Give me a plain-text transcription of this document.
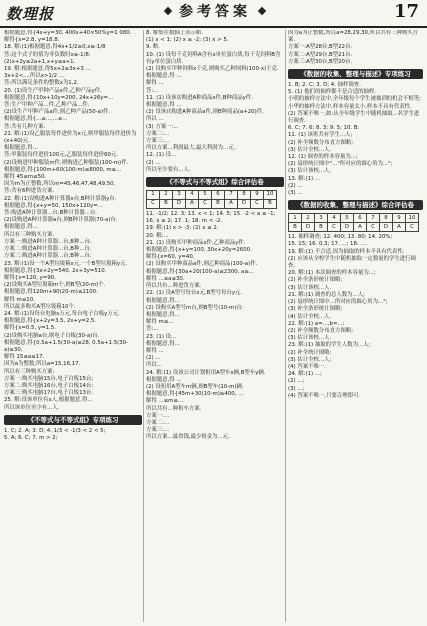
数理报	参考答案	17

根据题意,得{4x+y=30, 400x+40×50%y=1 080.

解得{x=2.8, y=18.8.

18. 解:(1)根据题意,得4x+1/2≥0,x≥-1/8

答:这个式子的值为非负数时x≥-1/8.

(2)x+2y≥2a+1,x+y≤a+1.

19. 解:根据题意,得5x+2≥3x+3 ...

3x+2<...,所以x>1/2 ...

答:所以满足条件的整数x为1,2.

20. (1)设生产甲种产品x件,乙种产品y件.

根据题意,得{10x+10y=200, 24x+26y=...

答:生产甲种产品...件,乙种产品...件.

(2)设生产甲种产品a件,则乙种产品(50-a)件.

根据题意,得{...≤...,...≤...

答:共有几种方案.

21. 解:(1)设乙服装每件进价为x元,则甲服装每件进价为(x+40)元.

根据题意,得...

答:甲服装每件进价100元,乙服装每件进价60元.

(2)设购进甲种服装m件,则购进乙种服装(100-m)件.

根据题意,得{100m+60(100-m)≤8000, m≥...

解得 45≤m≤50.

因为m为正整数,所以m=45,46,47,48,49,50.

答:共有6种进货方案.

22. 解:(1)设购进A种计算器x台,B种计算器y台.

根据题意,得{x+y=50, 150x+120y=...

答:购进A种计算器...台,B种计算器...台.

(2)设购进A种计算器a台,则B种计算器(70-a)台.

根据题意,得...

所以有三种购买方案.

方案一:购进A种计算器...台,B种...台.

方案二:购进A种计算器...台,B种...台.

方案三:购进A种计算器...台,B种...台.

23. 解:(1)设一个A型垃圾箱x元,一个B型垃圾箱y元.

根据题意,得{3x+2y=540, 2x+3y=510.

解得{x=120, y=90.

(2)设购买A型垃圾箱m个,则B型(20-m)个.

根据题意,得120m+90(20-m)≤2100.

解得 m≤10.

所以最多购买A型垃圾箱10个.

24. 解:(1)设每台电脑x万元,每台电子白板y万元.

根据题意,得{x+2y=3.5, 2x+y=2.5.

解得{x=0.5, y=1.5.

(2)设购买电脑a台,则电子白板(30-a)台.

根据题意,得{0.5a+1.5(30-a)≤28, 0.5a+1.5(30-a)≥30.

解得 15≤a≤17.

因为a为整数,所以a=15,16,17.

所以有三种购买方案:

方案一:购买电脑15台,电子白板15台;

方案二:购买电脑16台,电子白板14台;

方案三:购买电脑17台,电子白板13台.

25. 解:设该单位有x人,根据题意,得...

所以该单位至少有...人.

《不等式与不等式组》专项练习

1. C; 2. A; 3. D; 4. 1/3 < -1/3 < 2 < 5;

5. A; 6. C; 7. m > 2;

8. 解集在数轴上表示略.

(1) x < 1; (2) x ≥ -2; (3) x > 5.

9. 略.

10. (1) 设每千克饲料A含有x单位蛋白质,每千克饲料B含有y单位蛋白质.

(2) 设购买甲种饲料x千克,则购买乙种饲料(100-x)千克.

根据题意,得 ...

解得 ...

答:...

11. (1) 设该店购进A种商品x件,B种商品y件.

根据题意,得 ...

(2) 设该店购进A种商品a件,则B种商品(a+20)件.

所以 ...

(3) 方案一:...

方案二:...

方案三:...

所以方案...利润最大,最大利润为...元.

12. (1) 设...

(2) ...

所以至少要有...人.

《不等式与不等式组》综合评估卷
1	2	3	4	5	6	7	8	9	10
C	B	D	A	C	B	A	D	C	B

11. -1/2; 12. 3; 13. x < 1; 14. 5; 15. -2 < a ≤ -1;

16. x ≥ 2; 17. 1; 18. m < -2.

19. 解:(1) x > -3; (2) x ≤ 2.

20. 解:...

21. (1) 设购买甲种商品x件,乙种商品y件.

根据题意,得{x+y=100, 30x+20y=2600.

解得{x=60, y=40.

(2) 设购买甲种商品a件,则乙种商品(100-a)件.

根据题意,得{30a+20(100-a)≤2300, a≥...

解得 ...≤a≤30.

所以共有...种进货方案.

22. (1) 设A型号每台x元,B型号每台y元.

根据题意,得...

(2) 设购买A型号m台,则B型号(10-m)台.

根据题意,得...

解得 m≤...

答:...

23. (1) 设...

根据题意,得...

解得 ...

(2) ...

所以...

24. 解:(1) 设该公司计划租用A型车x辆,B型车y辆.

根据题意,得 ...

(2) 设租用A型车m辆,则B型车(10-m)辆.

根据题意,得{45m+30(10-m)≥400, ...

解得 ...≤m≤...

所以共有...种租车方案.

方案一:...

方案二:...

方案三:...

所以方案...最省钱,最少租金为...元.

因为a为正整数,所以a=28,29,30,所以共有三种购买方案.

方案一:A型28台,B型22台.

方案二:A型29台,B型21台.

方案三:A型30台,B型20台.

《数据的收集、整理与描述》专项练习

1. B; 2. C; 3. D; 4. 抽样调查.

5. (1) 他们的抽样都不是合适的抽样.

小明的抽样方法中,全年级每个学生被抽到的机会不相等;

小华的抽样方法中,样本容量太小,样本不具有代表性.

(2) 答案不唯一,如:从全年级学生中随机抽取...名学生进行调查.

6. C; 7. 6; 8. 3; 9. 5; 10. B.

11. (1) 该班共有学生...人;

(2) 补全频数分布直方图略;

(3) 估计全校...人.

12. (1) 调查的样本容量为...;

(2) 扇形统计图中"..."所对应的圆心角为...°;

(3) 估计该校...人.

13. 解:(1) ...

(2) ...

(3) ...

《数据的收集、整理与描述》综合评估卷
1	2	3	4	5	6	7	8	9	10
B	D	B	C	D	A	C	D	A	C

11. 抽样调查; 12. 400; 13. 80; 14. 20%;

15. 15; 16. 0.3; 17. ...; 18. ....

19. 解:(1) 不合适.因为抽取的样本不具有代表性.

(2) 应该从全校学生中随机抽取一定数量的学生进行调查.

20. 解:(1) 本次调查的样本容量为...;

(2) 补全条形统计图略;

(3) 估计该校...人.

21. 解:(1) 调查的总人数为...人;

(2) 扇形统计图中...所对应的圆心角为...°;

(3) 补全条形统计图略;

(4) 估计全校...人.

22. 解:(1) a=...,b=...;

(2) 补全频数分布直方图略;

(3) 估计该校...人.

23. 解:(1) 抽取的学生人数为...人;

(2) 补全统计图略;

(3) 估计全校...人;

(4) 答案不唯一.

24. 解:(1) ...;

(2) ...;

(3) ...;

(4) 答案不唯一,只要合理即可.
